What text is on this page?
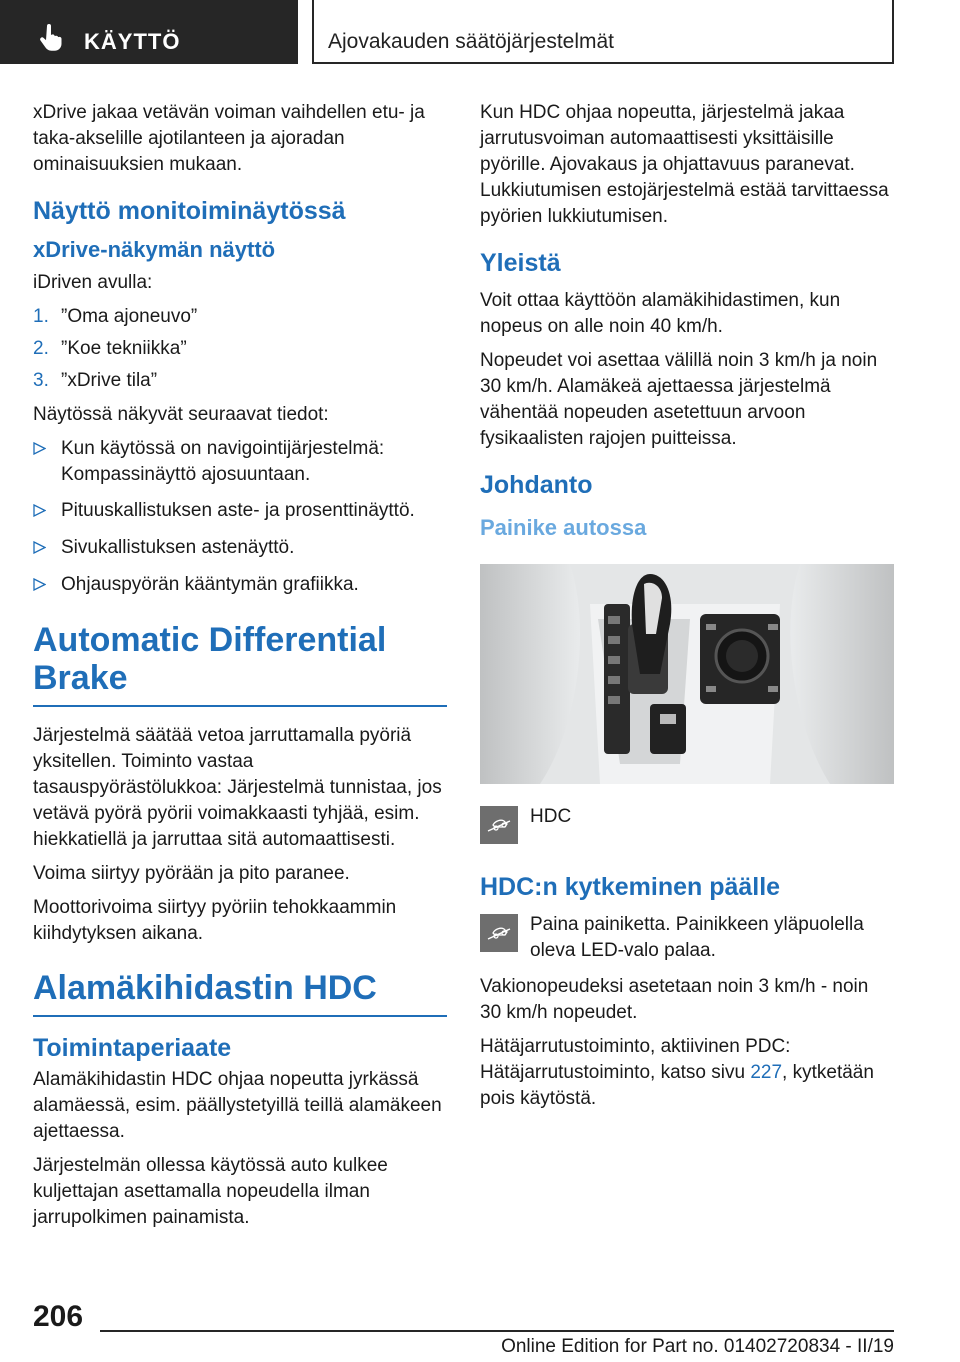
KÄYTTÖ	Ajovakauden säätöjärjestelmät

xDrive jakaa vetävän voiman vaihdellen etu- ja taka-akselille ajotilanteen ja ajoradan ominaisuuksien mukaan.

Näyttö monitoiminäytössä
xDrive-näkymän näyttö

iDriven avulla:

1. ”Oma ajoneuvo”
2. ”Koe tekniikka”
3. ”xDrive tila”

Näytössä näkyvät seuraavat tiedot:

Kun käytössä on navigointijärjestelmä: Kompassinäyttö ajosuuntaan.
Pituuskallistuksen aste- ja prosenttinäyttö.
Sivukallistuksen astenäyttö.
Ohjauspyörän kääntymän grafiikka.
Automatic Differential Brake

Järjestelmä säätää vetoa jarruttamalla pyöriä yksitellen. Toiminto vastaa tasauspyörästölukkoa: Järjestelmä tunnistaa, jos vetävä pyörä pyörii voimakkaasti tyhjää, esim. hiekkatiellä ja jarruttaa sitä automaattisesti.

Voima siirtyy pyörään ja pito paranee.

Moottorivoima siirtyy pyöriin tehokkaammin kiihdytyksen aikana.

Alamäkihidastin HDC
Toimintaperiaate

Alamäkihidastin HDC ohjaa nopeutta jyrkässä alamäessä, esim. päällystetyillä teillä alamäkeen ajettaessa.

Järjestelmän ollessa käytössä auto kulkee kuljettajan asettamalla nopeudella ilman jarrupolkimen painamista.

Kun HDC ohjaa nopeutta, järjestelmä jakaa jarrutusvoiman automaattisesti yksittäisille pyörille. Ajovakaus ja ohjattavuus paranevat. Lukkiutumisen estojärjestelmä estää tarvittaessa pyörien lukkiutumisen.

Yleistä

Voit ottaa käyttöön alamäkihidastimen, kun nopeus on alle noin 40 km/h.

Nopeudet voi asettaa välillä noin 3 km/h ja noin 30 km/h. Alamäkeä ajettaessa järjestelmä vähentää nopeuden asetettuun arvoon fysikaalisten rajojen puitteissa.

Johdanto
Painike autossa

HDC

HDC:n kytkeminen päälle

Paina painiketta. Painikkeen yläpuolella oleva LED-valo palaa.

Vakionopeudeksi asetetaan noin 3 km/h - noin 30 km/h nopeudet.

Hätäjarrutustoiminto, aktiivinen PDC: Hätäjarrutustoiminto, katso sivu 227, kytketään pois käytöstä.

206
Online Edition for Part no. 01402720834 - II/19
